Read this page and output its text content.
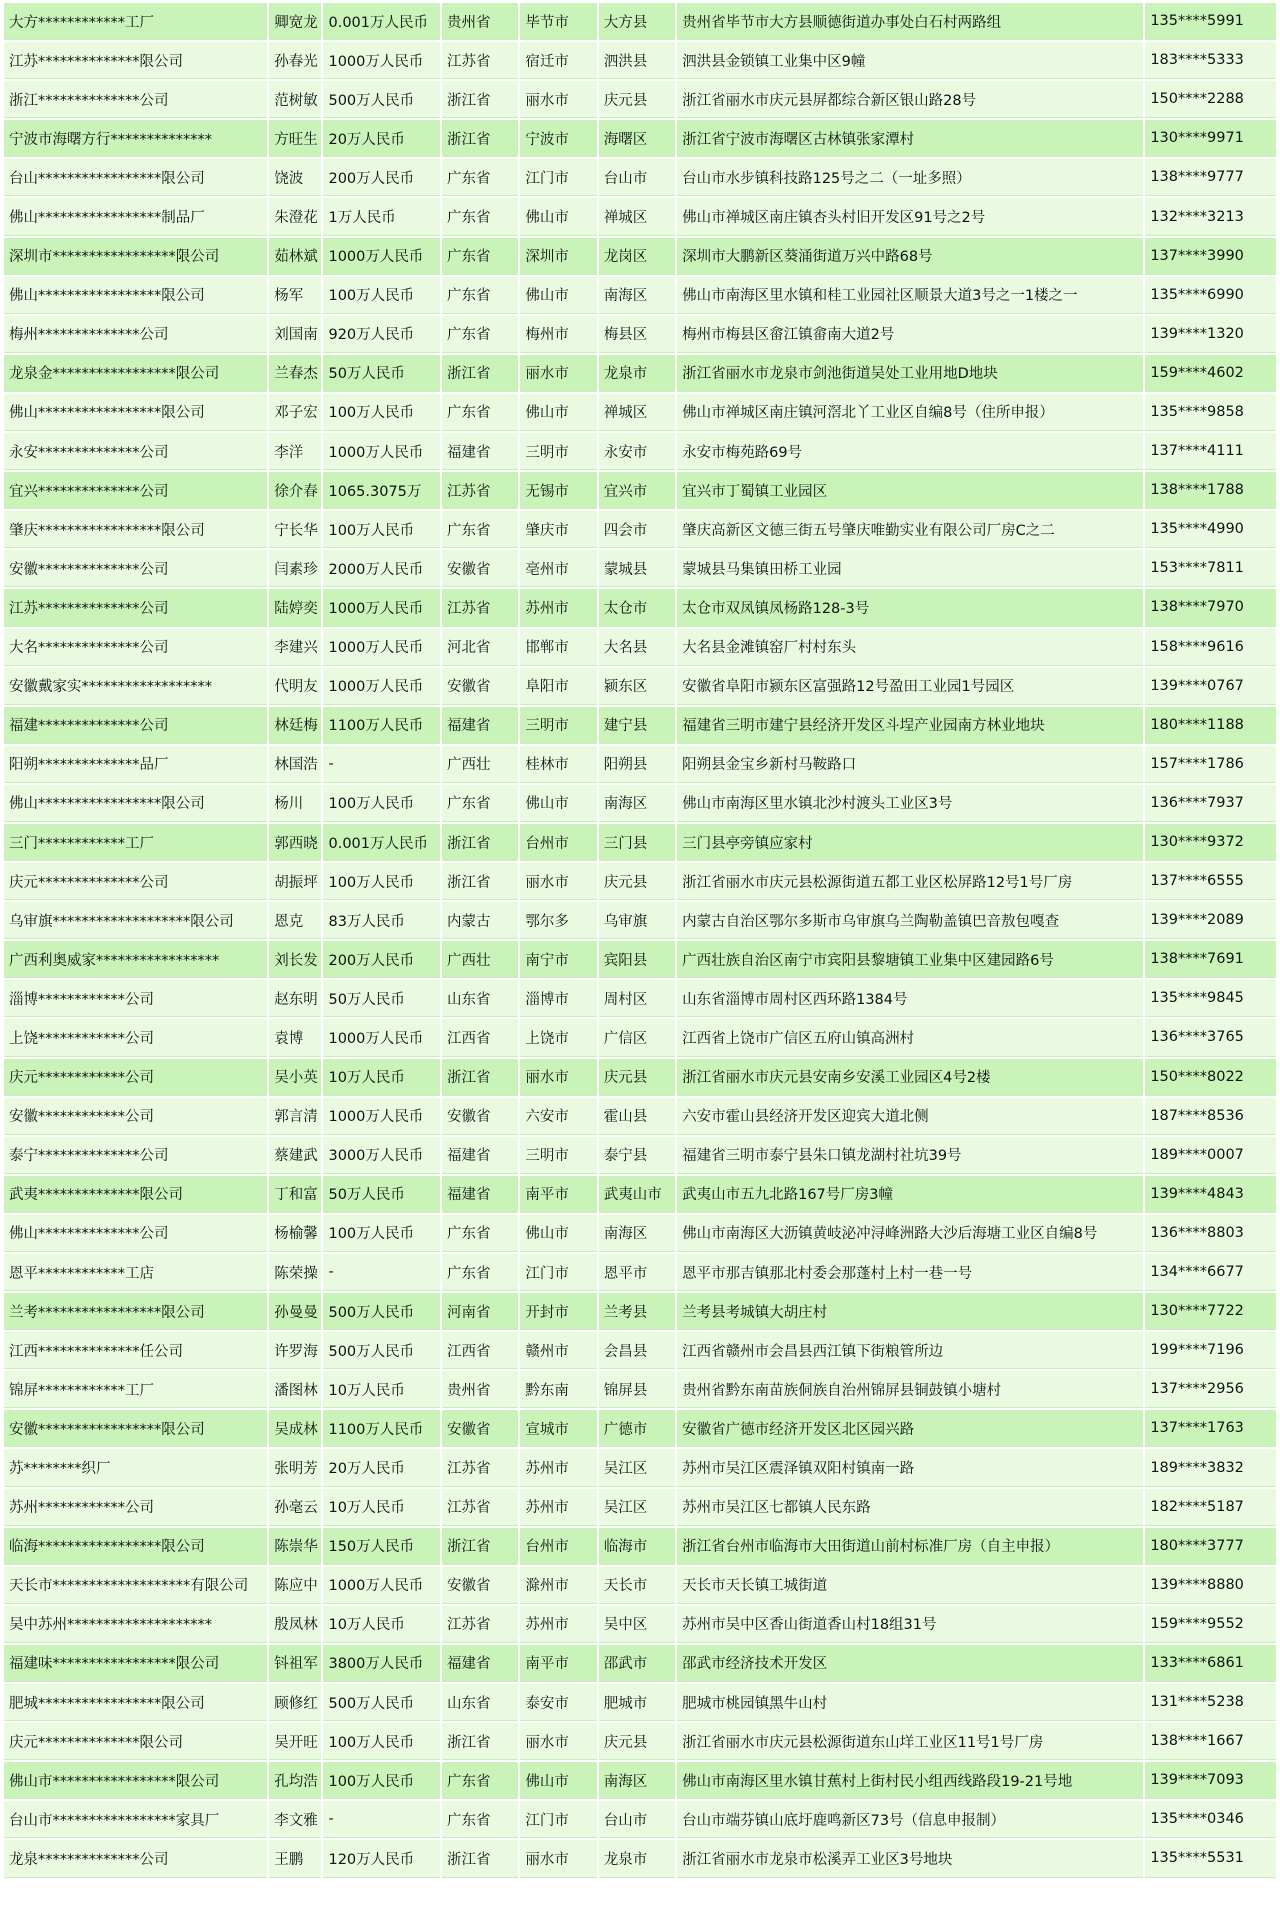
大方************工厂	卿宽龙	0.001万人民币	贵州省	毕节市	大方县	贵州省毕节市大方县顺德街道办事处白石村两路组	135****5991
江苏**************限公司	孙春光	1000万人民币	江苏省	宿迁市	泗洪县	泗洪县金锁镇工业集中区9幢	183****5333
浙江**************公司	范树敏	500万人民币	浙江省	丽水市	庆元县	浙江省丽水市庆元县屏都综合新区银山路28号	150****2288
宁波市海曙方行**************	方旺生	20万人民币	浙江省	宁波市	海曙区	浙江省宁波市海曙区古林镇张家潭村	130****9971
台山*****************限公司	饶波	200万人民币	广东省	江门市	台山市	台山市水步镇科技路125号之二（一址多照）	138****9777
佛山*****************制品厂	朱澄花	1万人民币	广东省	佛山市	禅城区	佛山市禅城区南庄镇杏头村旧开发区91号之2号	132****3213
深圳市*****************限公司	茹林斌	1000万人民币	广东省	深圳市	龙岗区	深圳市大鹏新区葵涌街道万兴中路68号	137****3990
佛山*****************限公司	杨军	100万人民币	广东省	佛山市	南海区	佛山市南海区里水镇和桂工业园社区顺景大道3号之一1楼之一	135****6990
梅州**************公司	刘国南	920万人民币	广东省	梅州市	梅县区	梅州市梅县区畲江镇畲南大道2号	139****1320
龙泉金*****************限公司	兰春杰	50万人民币	浙江省	丽水市	龙泉市	浙江省丽水市龙泉市剑池街道吴处工业用地D地块	159****4602
佛山*****************限公司	邓子宏	100万人民币	广东省	佛山市	禅城区	佛山市禅城区南庄镇河滘北丫工业区自编8号（住所申报）	135****9858
永安**************公司	李洋	1000万人民币	福建省	三明市	永安市	永安市梅苑路69号	137****4111
宜兴**************公司	徐介春	1065.3075万	江苏省	无锡市	宜兴市	宜兴市丁蜀镇工业园区	138****1788
肇庆*****************限公司	宁长华	100万人民币	广东省	肇庆市	四会市	肇庆高新区文德三街五号肇庆唯勤实业有限公司厂房C之二	135****4990
安徽**************公司	闫素珍	2000万人民币	安徽省	亳州市	蒙城县	蒙城县马集镇田桥工业园	153****7811
江苏**************公司	陆婷奕	1000万人民币	江苏省	苏州市	太仓市	太仓市双凤镇凤杨路128-3号	138****7970
大名**************公司	李建兴	1000万人民币	河北省	邯郸市	大名县	大名县金滩镇窑厂村村东头	158****9616
安徽戴家实******************	代明友	1000万人民币	安徽省	阜阳市	颍东区	安徽省阜阳市颍东区富强路12号盈田工业园1号园区	139****0767
福建**************公司	林廷梅	1100万人民币	福建省	三明市	建宁县	福建省三明市建宁县经济开发区斗埕产业园南方林业地块	180****1188
阳朔**************品厂	林国浩	-	广西壮	桂林市	阳朔县	阳朔县金宝乡新村马鞍路口	157****1786
佛山*****************限公司	杨川	100万人民币	广东省	佛山市	南海区	佛山市南海区里水镇北沙村渡头工业区3号	136****7937
三门************工厂	郭西晓	0.001万人民币	浙江省	台州市	三门县	三门县亭旁镇应家村	130****9372
庆元**************公司	胡振坪	100万人民币	浙江省	丽水市	庆元县	浙江省丽水市庆元县松源街道五都工业区松屏路12号1号厂房	137****6555
乌审旗*******************限公司	恩克	83万人民币	内蒙古	鄂尔多	乌审旗	内蒙古自治区鄂尔多斯市乌审旗乌兰陶勒盖镇巴音敖包嘎查	139****2089
广西利奥威家*****************	刘长发	200万人民币	广西壮	南宁市	宾阳县	广西壮族自治区南宁市宾阳县黎塘镇工业集中区建园路6号	138****7691
淄博************公司	赵东明	50万人民币	山东省	淄博市	周村区	山东省淄博市周村区西环路1384号	135****9845
上饶************公司	袁博	1000万人民币	江西省	上饶市	广信区	江西省上饶市广信区五府山镇高洲村	136****3765
庆元************公司	吴小英	10万人民币	浙江省	丽水市	庆元县	浙江省丽水市庆元县安南乡安溪工业园区4号2楼	150****8022
安徽************公司	郭言清	1000万人民币	安徽省	六安市	霍山县	六安市霍山县经济开发区迎宾大道北侧	187****8536
泰宁**************公司	蔡建武	3000万人民币	福建省	三明市	泰宁县	福建省三明市泰宁县朱口镇龙湖村社坑39号	189****0007
武夷**************限公司	丁和富	50万人民币	福建省	南平市	武夷山市	武夷山市五九北路167号厂房3幢	139****4843
佛山**************公司	杨榆馨	100万人民币	广东省	佛山市	南海区	佛山市南海区大沥镇黄岐泌冲浔峰洲路大沙后海塘工业区自编8号	136****8803
恩平************工店	陈荣操	-	广东省	江门市	恩平市	恩平市那吉镇那北村委会那蓬村上村一巷一号	134****6677
兰考*****************限公司	孙曼曼	500万人民币	河南省	开封市	兰考县	兰考县考城镇大胡庄村	130****7722
江西**************任公司	许罗海	500万人民币	江西省	赣州市	会昌县	江西省赣州市会昌县西江镇下街粮管所边	199****7196
锦屏************工厂	潘图林	10万人民币	贵州省	黔东南	锦屏县	贵州省黔东南苗族侗族自治州锦屏县铜鼓镇小塘村	137****2956
安徽*****************限公司	吴成林	1100万人民币	安徽省	宣城市	广德市	安徽省广德市经济开发区北区园兴路	137****1763
苏********织厂	张明芳	20万人民币	江苏省	苏州市	吴江区	苏州市吴江区震泽镇双阳村镇南一路	189****3832
苏州************公司	孙毫云	10万人民币	江苏省	苏州市	吴江区	苏州市吴江区七都镇人民东路	182****5187
临海*****************限公司	陈崇华	150万人民币	浙江省	台州市	临海市	浙江省台州市临海市大田街道山前村标准厂房（自主申报）	180****3777
天长市*******************有限公司	陈应中	1000万人民币	安徽省	滁州市	天长市	天长市天长镇工城街道	139****8880
吴中苏州********************	殷凤林	10万人民币	江苏省	苏州市	吴中区	苏州市吴中区香山街道香山村18组31号	159****9552
福建味*****************限公司	钭祖军	3800万人民币	福建省	南平市	邵武市	邵武市经济技术开发区	133****6861
肥城*****************限公司	顾修红	500万人民币	山东省	泰安市	肥城市	肥城市桃园镇黑牛山村	131****5238
庆元**************限公司	吴开旺	100万人民币	浙江省	丽水市	庆元县	浙江省丽水市庆元县松源街道东山垟工业区11号1号厂房	138****1667
佛山市*****************限公司	孔均浩	100万人民币	广东省	佛山市	南海区	佛山市南海区里水镇甘蕉村上街村民小组西线路段19-21号地	139****7093
台山市*****************家具厂	李文雅	-	广东省	江门市	台山市	台山市端芬镇山底圩鹿鸣新区73号（信息申报制）	135****0346
龙泉**************公司	王鹏	120万人民币	浙江省	丽水市	龙泉市	浙江省丽水市龙泉市松溪弄工业区3号地块	135****5531
